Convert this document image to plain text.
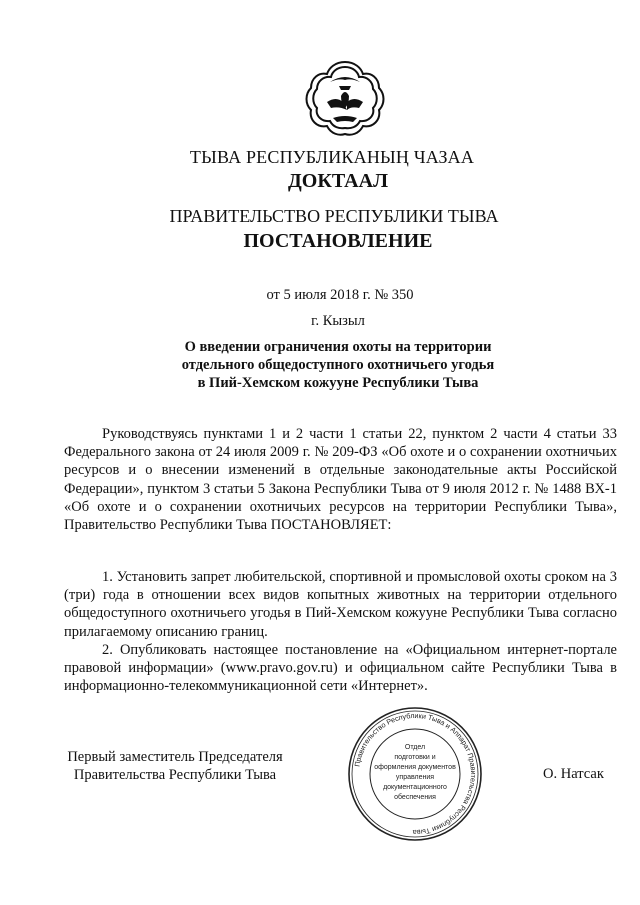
ТЫВА РЕСПУБЛИКАНЫҢ ЧАЗАА
ДОКТААЛ
ПРАВИТЕЛЬСТВО РЕСПУБЛИКИ ТЫВА
ПОСТАНОВЛЕНИЕ
от 5 июля 2018 г. № 350
г. Кызыл
О введении ограничения охоты на территории
отдельного общедоступного охотничьего угодья
в Пий-Хемском кожууне Республики Тыва

Руководствуясь пунктами 1 и 2 части 1 статьи 22, пунктом 2 части 4 статьи 33 Федерального закона от 24 июля 2009 г. № 209-ФЗ «Об охоте и о сохранении охотничьих ресурсов и о внесении изменений в отдельные законодательные акты Российской Федерации», пунктом 3 статьи 5 Закона Республики Тыва от 9 июля 2012 г. № 1488 ВХ-1 «Об охоте и о сохранении охотничьих ресурсов на территории Республики Тыва», Правительство Республики Тыва ПОСТАНОВЛЯЕТ:

1. Установить запрет любительской, спортивной и промысловой охоты сроком на 3 (три) года в отношении всех видов копытных животных на территории отдельного общедоступного охотничьего угодья в Пий-Хемском кожууне Республики Тыва согласно прилагаемому описанию границ.

2. Опубликовать настоящее постановление на «Официальном интернет-портале правовой информации» (www.pravo.gov.ru) и официальном сайте Республики Тыва в информационно-телекоммуникационной сети «Интернет».

Первый заместитель Председателя
Правительства Республики Тыва
Правительство Республики Тыва и Аппарат Правительства Республики Тыва
Отдел
подготовки и
оформления документов
управления
документационного
обеспечения
О. Натсак
